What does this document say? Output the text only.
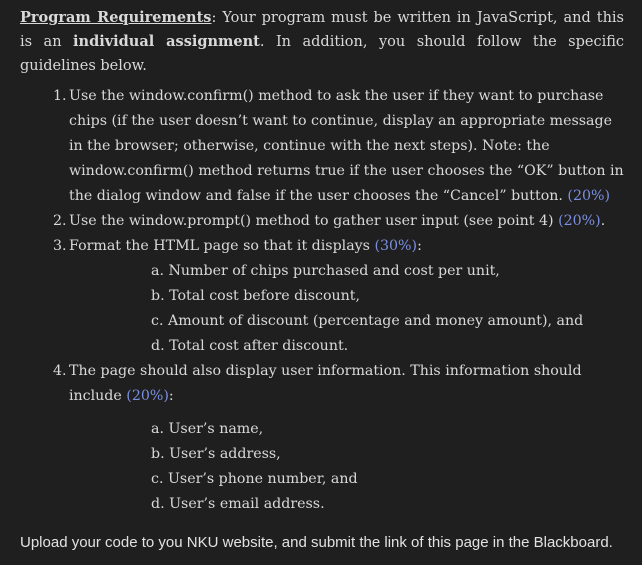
Program Requirements: Your program must be written in JavaScript, and this is an individual assignment. In addition, you should follow the specific guidelines below.

1. Use the window.confirm() method to ask the user if they want to purchase chips (if the user doesn’t want to continue, display an appropriate message in the browser; otherwise, continue with the next steps). Note: the window.confirm() method returns true if the user chooses the “OK” button in the dialog window and false if the user chooses the “Cancel” button. (20%)
2. Use the window.prompt() method to gather user input (see point 4) (20%).
3. Format the HTML page so that it displays (30%):
a. Number of chips purchased and cost per unit,
b. Total cost before discount,
c. Amount of discount (percentage and money amount), and
d. Total cost after discount.
4. The page should also display user information. This information should include (20%):
a. User’s name,
b. User’s address,
c. User’s phone number, and
d. User’s email address.

Upload your code to you NKU website, and submit the link of this page in the Blackboard.
